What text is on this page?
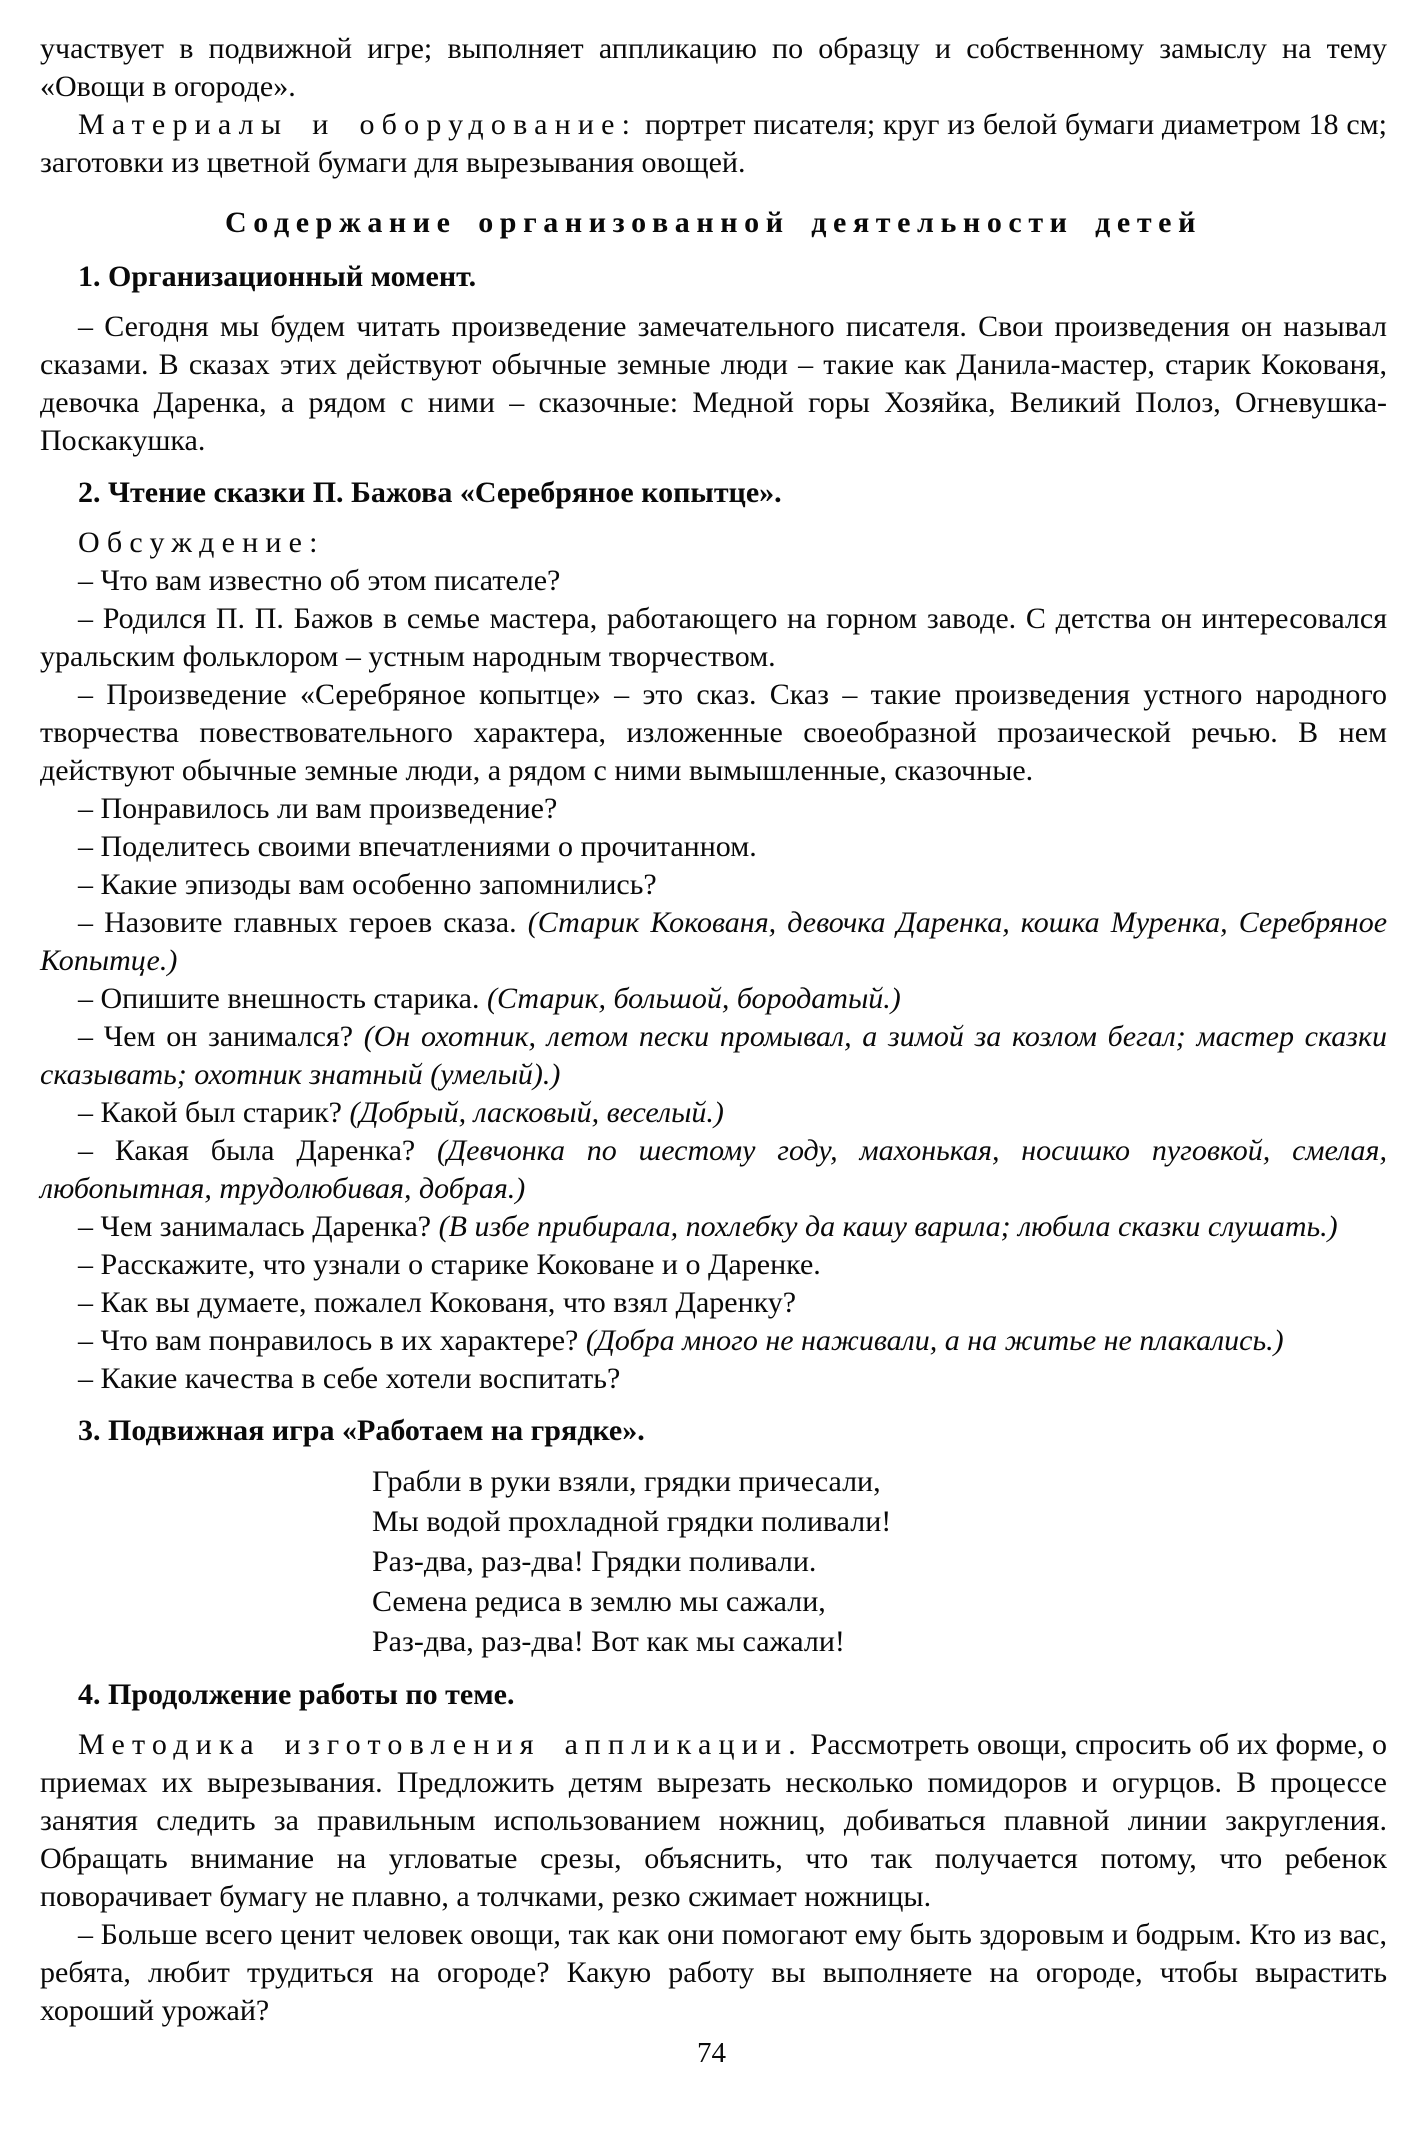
участвует в подвижной игре; выполняет аппликацию по образцу и собственному замыслу на тему «Овощи в огороде».

Материалы и оборудование: портрет писателя; круг из белой бумаги диаметром 18 см; заготовки из цветной бумаги для вырезывания овощей.

Содержание организованной деятельности детей

1. Организационный момент.

– Сегодня мы будем читать произведение замечательного писателя. Свои произведения он называл сказами. В сказах этих действуют обычные земные люди – такие как Данила-мастер, старик Кокованя, девочка Даренка, а рядом с ними – сказочные: Медной горы Хозяйка, Великий Полоз, Огневушка-Поскакушка.

2. Чтение сказки П. Бажова «Серебряное копытце».

Обсуждение:

– Что вам известно об этом писателе?

– Родился П. П. Бажов в семье мастера, работающего на горном заводе. С детства он интересовался уральским фольклором – устным народным творчеством.

– Произведение «Серебряное копытце» – это сказ. Сказ – такие произведения устного народного творчества повествовательного характера, изложенные своеобразной прозаической речью. В нем действуют обычные земные люди, а рядом с ними вымышленные, сказочные.

– Понравилось ли вам произведение?

– Поделитесь своими впечатлениями о прочитанном.

– Какие эпизоды вам особенно запомнились?

– Назовите главных героев сказа. (Старик Кокованя, девочка Даренка, кошка Муренка, Серебряное Копытце.)

– Опишите внешность старика. (Старик, большой, бородатый.)

– Чем он занимался? (Он охотник, летом пески промывал, а зимой за козлом бегал; мастер сказки сказывать; охотник знатный (умелый).)

– Какой был старик? (Добрый, ласковый, веселый.)

– Какая была Даренка? (Девчонка по шестому году, махонькая, носишко пуговкой, смелая, любопытная, трудолюбивая, добрая.)

– Чем занималась Даренка? (В избе прибирала, похлебку да кашу варила; любила сказки слушать.)

– Расскажите, что узнали о старике Коковане и о Даренке.

– Как вы думаете, пожалел Кокованя, что взял Даренку?

– Что вам понравилось в их характере? (Добра много не наживали, а на житье не плакались.)

– Какие качества в себе хотели воспитать?

3. Подвижная игра «Работаем на грядке».

Грабли в руки взяли, грядки причесали,
Мы водой прохладной грядки поливали!
Раз-два, раз-два! Грядки поливали.
Семена редиса в землю мы сажали,
Раз-два, раз-два! Вот как мы сажали!

4. Продолжение работы по теме.

Методика изготовления аппликации. Рассмотреть овощи, спросить об их форме, о приемах их вырезывания. Предложить детям вырезать несколько помидоров и огурцов. В процессе занятия следить за правильным использованием ножниц, добиваться плавной линии закругления. Обращать внимание на угловатые срезы, объяснить, что так получается потому, что ребенок поворачивает бумагу не плавно, а толчками, резко сжимает ножницы.

– Больше всего ценит человек овощи, так как они помогают ему быть здоровым и бодрым. Кто из вас, ребята, любит трудиться на огороде? Какую работу вы выполняете на огороде, чтобы вырастить хороший урожай?

74
